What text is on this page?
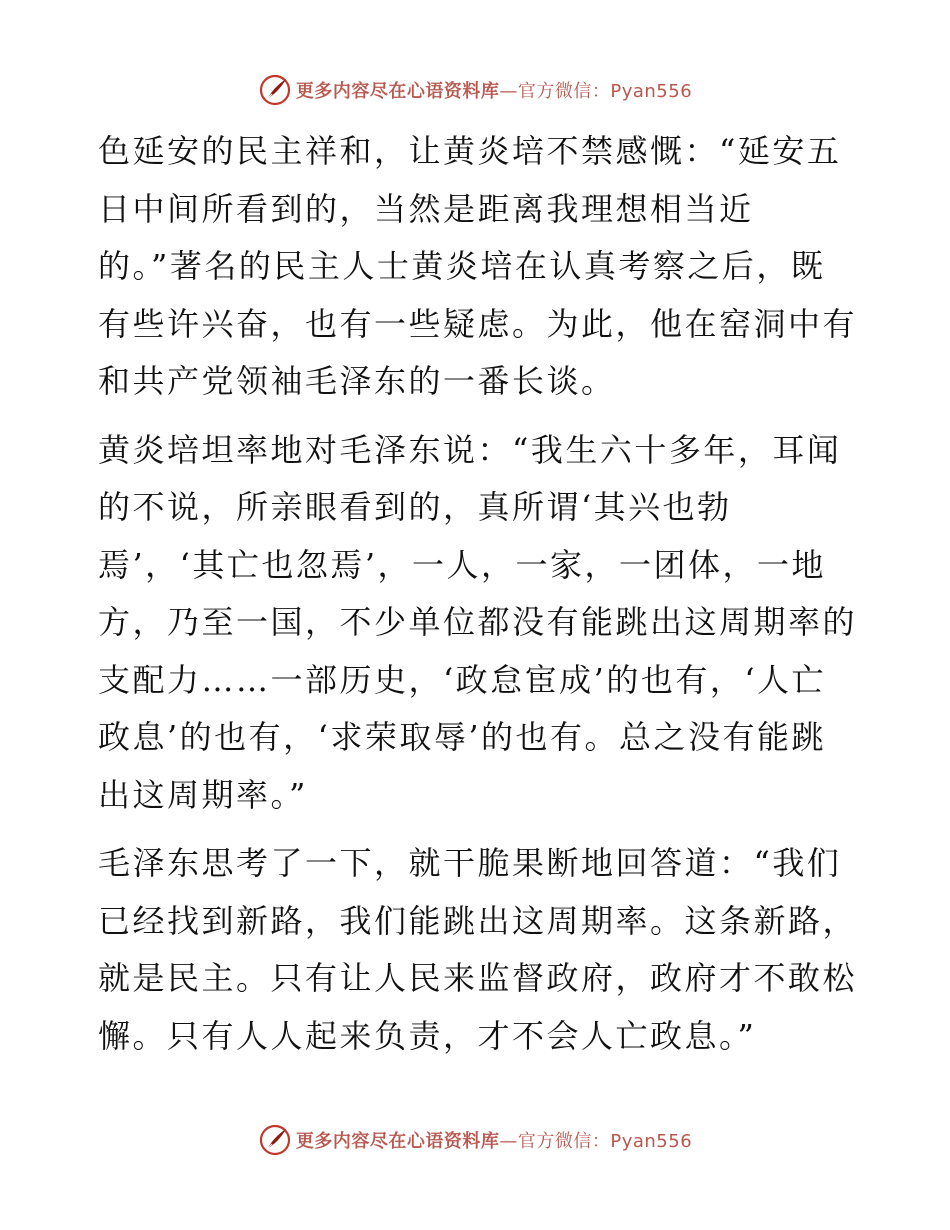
更多内容尽在心语资料库—官方微信：Pyan556

色延安的民主祥和，让黄炎培不禁感慨：“延安五日中间所看到的，当然是距离我理想相当近的。”著名的民主人士黄炎培在认真考察之后，既有些许兴奋，也有一些疑虑。为此，他在窑洞中有和共产党领袖毛泽东的一番长谈。

黄炎培坦率地对毛泽东说：“我生六十多年，耳闻的不说，所亲眼看到的，真所谓‘其兴也勃焉’，‘其亡也忽焉’，一人，一家，一团体，一地方，乃至一国，不少单位都没有能跳出这周期率的支配力……一部历史，‘政怠宦成’的也有，‘人亡政息’的也有，‘求荣取辱’的也有。总之没有能跳出这周期率。”

毛泽东思考了一下，就干脆果断地回答道：“我们已经找到新路，我们能跳出这周期率。这条新路，就是民主。只有让人民来监督政府，政府才不敢松懈。只有人人起来负责，才不会人亡政息。”

更多内容尽在心语资料库—官方微信：Pyan556
